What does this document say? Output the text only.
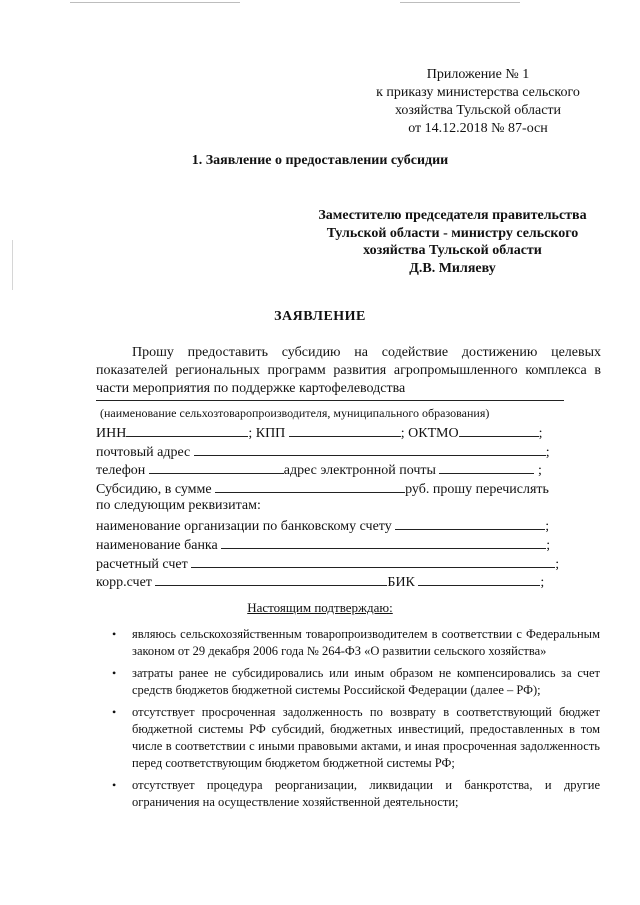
Приложение № 1
к приказу министерства сельского
хозяйства Тульской области
от 14.12.2018 № 87-осн
1. Заявление о предоставлении субсидии
Заместителю председателя правительства
Тульской области - министру сельского
хозяйства Тульской области
Д.В. Миляеву
ЗАЯВЛЕНИЕ
Прошу предоставить субсидию на содействие достижению целевых показателей региональных программ развития агропромышленного комплекса в части мероприятия по поддержке картофелеводства
(наименование сельхозтоваропроизводителя, муниципального образования)
ИНН	; КПП	; ОКТМО	;
почтовый адрес	;
телефон	адрес электронной почты	;
Субсидию, в сумме	руб. прошу перечислять
по следующим реквизитам:
наименование организации по банковскому счету	;
наименование банка	;
расчетный счет	;
корр.счет	БИК	;
Настоящим подтверждаю:
• являюсь сельскохозяйственным товаропроизводителем в соответствии с Федеральным законом от 29 декабря 2006 года № 264-ФЗ «О развитии сельского хозяйства»
• затраты ранее не субсидировались или иным образом не компенсировались за счет средств бюджетов бюджетной системы Российской Федерации (далее – РФ);
• отсутствует просроченная задолженность по возврату в соответствующий бюджет бюджетной системы РФ субсидий, бюджетных инвестиций, предоставленных в том числе в соответствии с иными правовыми актами, и иная просроченная задолженность перед соответствующим бюджетом бюджетной системы РФ;
• отсутствует процедура реорганизации, ликвидации и банкротства, и другие ограничения на осуществление хозяйственной деятельности;
